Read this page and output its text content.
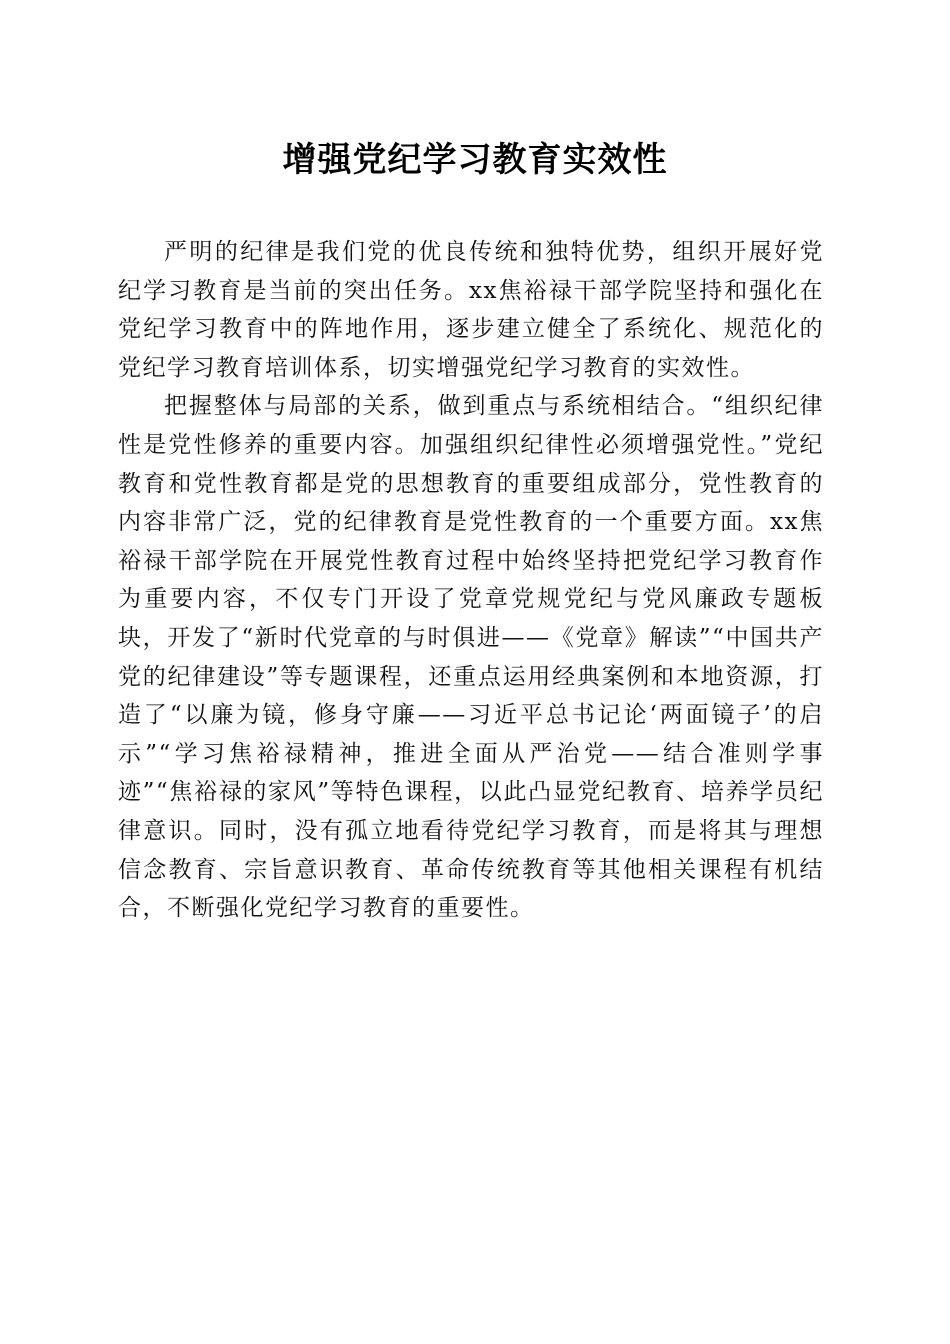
增强党纪学习教育实效性

严明的纪律是我们党的优良传统和独特优势，组织开展好党纪学习教育是当前的突出任务。xx焦裕禄干部学院坚持和强化在党纪学习教育中的阵地作用，逐步建立健全了系统化、规范化的党纪学习教育培训体系，切实增强党纪学习教育的实效性。

把握整体与局部的关系，做到重点与系统相结合。“组织纪律性是党性修养的重要内容。加强组织纪律性必须增强党性。”党纪教育和党性教育都是党的思想教育的重要组成部分，党性教育的内容非常广泛，党的纪律教育是党性教育的一个重要方面。xx焦裕禄干部学院在开展党性教育过程中始终坚持把党纪学习教育作为重要内容，不仅专门开设了党章党规党纪与党风廉政专题板块，开发了“新时代党章的与时俱进——《党章》解读”“中国共产党的纪律建设”等专题课程，还重点运用经典案例和本地资源，打造了“以廉为镜，修身守廉——习近平总书记论‘两面镜子’的启示”“学习焦裕禄精神，推进全面从严治党——结合准则学事迹”“焦裕禄的家风”等特色课程，以此凸显党纪教育、培养学员纪律意识。同时，没有孤立地看待党纪学习教育，而是将其与理想信念教育、宗旨意识教育、革命传统教育等其他相关课程有机结合，不断强化党纪学习教育的重要性。
